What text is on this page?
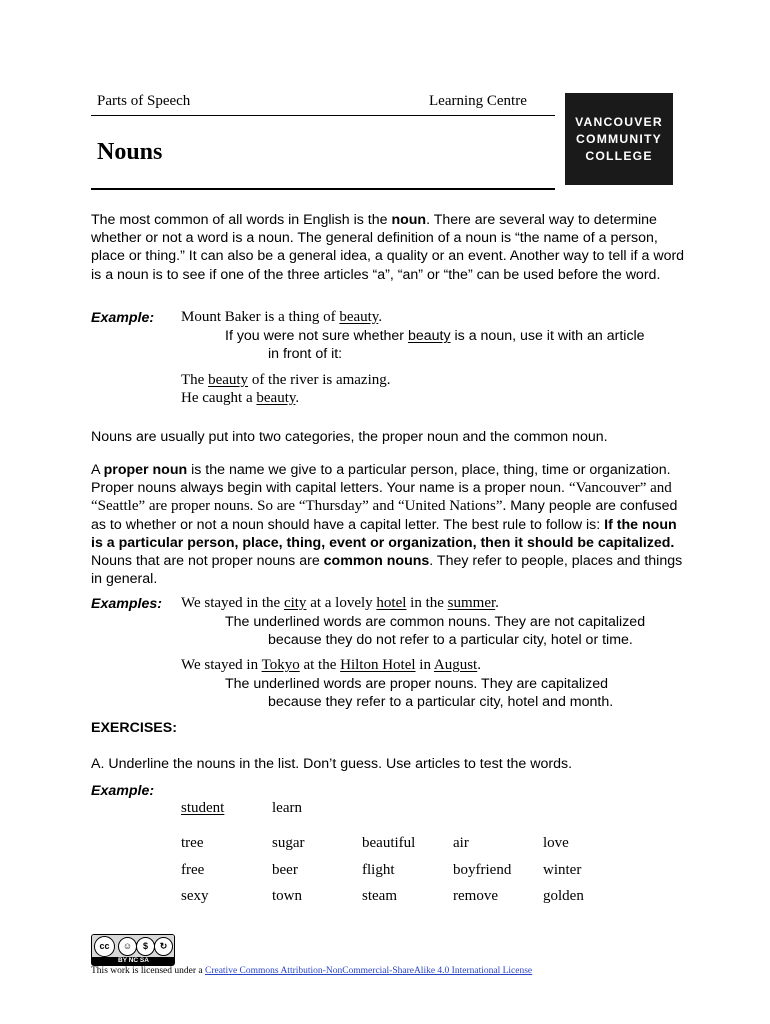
Parts of Speech	Learning Centre
VANCOUVER
COMMUNITY
COLLEGE
Nouns

The most common of all words in English is the noun. There are several way to determine whether or not a word is a noun. The general definition of a noun is “the name of a person, place or thing.” It can also be a general idea, a quality or an event. Another way to tell if a word is a noun is to see if one of the three articles “a”, “an” or “the” can be used before the word.

Example: Mount Baker is a thing of beauty.
If you were not sure whether beauty is a noun, use it with an article
in front of it:
The beauty of the river is amazing.
He caught a beauty.

Nouns are usually put into two categories, the proper noun and the common noun.

A proper noun is the name we give to a particular person, place, thing, time or organization. Proper nouns always begin with capital letters. Your name is a proper noun. “Vancouver” and “Seattle” are proper nouns. So are “Thursday” and “United Nations”. Many people are confused as to whether or not a noun should have a capital letter. The best rule to follow is: If the noun is a particular person, place, thing, event or organization, then it should be capitalized. Nouns that are not proper nouns are common nouns. They refer to people, places and things in general.

Examples: We stayed in the city at a lovely hotel in the summer.
The underlined words are common nouns. They are not capitalized
because they do not refer to a particular city, hotel or time.
We stayed in Tokyo at the Hilton Hotel in August.
The underlined words are proper nouns. They are capitalized
because they refer to a particular city, hotel and month.
EXERCISES:
A. Underline the nouns in the list. Don’t guess. Use articles to test the words.
Example:
student	learn
tree	sugar	beautiful	air	love
free	beer	flight	boyfriend winter
sexy	town	steam	remove	golden
cc	☺	$	↻
BY NC SA
This work is licensed under a Creative Commons Attribution-NonCommercial-ShareAlike 4.0 International License
